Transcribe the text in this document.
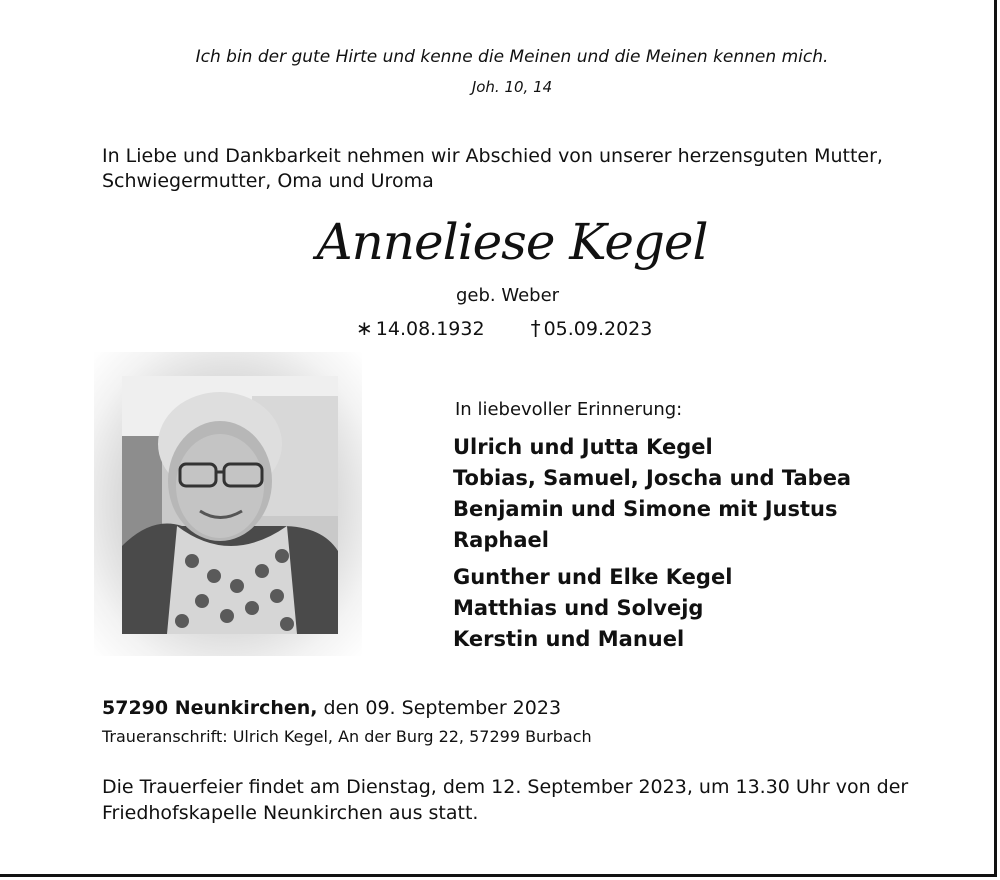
Ich bin der gute Hirte und kenne die Meinen und die Meinen kennen mich.
Joh. 10, 14
In Liebe und Dankbarkeit nehmen wir Abschied von unserer herzensguten Mutter, Schwiegermutter, Oma und Uroma
Anneliese Kegel
geb. Weber
∗ 14.08.1932 † 05.09.2023
In liebevoller Erinnerung:
Ulrich und Jutta Kegel
Tobias, Samuel, Joscha und Tabea
Benjamin und Simone mit Justus
Raphael
Gunther und Elke Kegel
Matthias und Solvejg
Kerstin und Manuel
57290 Neunkirchen, den 09. September 2023
Traueranschrift: Ulrich Kegel, An der Burg 22, 57299 Burbach
Die Trauerfeier findet am Dienstag, dem 12. September 2023, um 13.30 Uhr von der Friedhofskapelle Neunkirchen aus statt.
